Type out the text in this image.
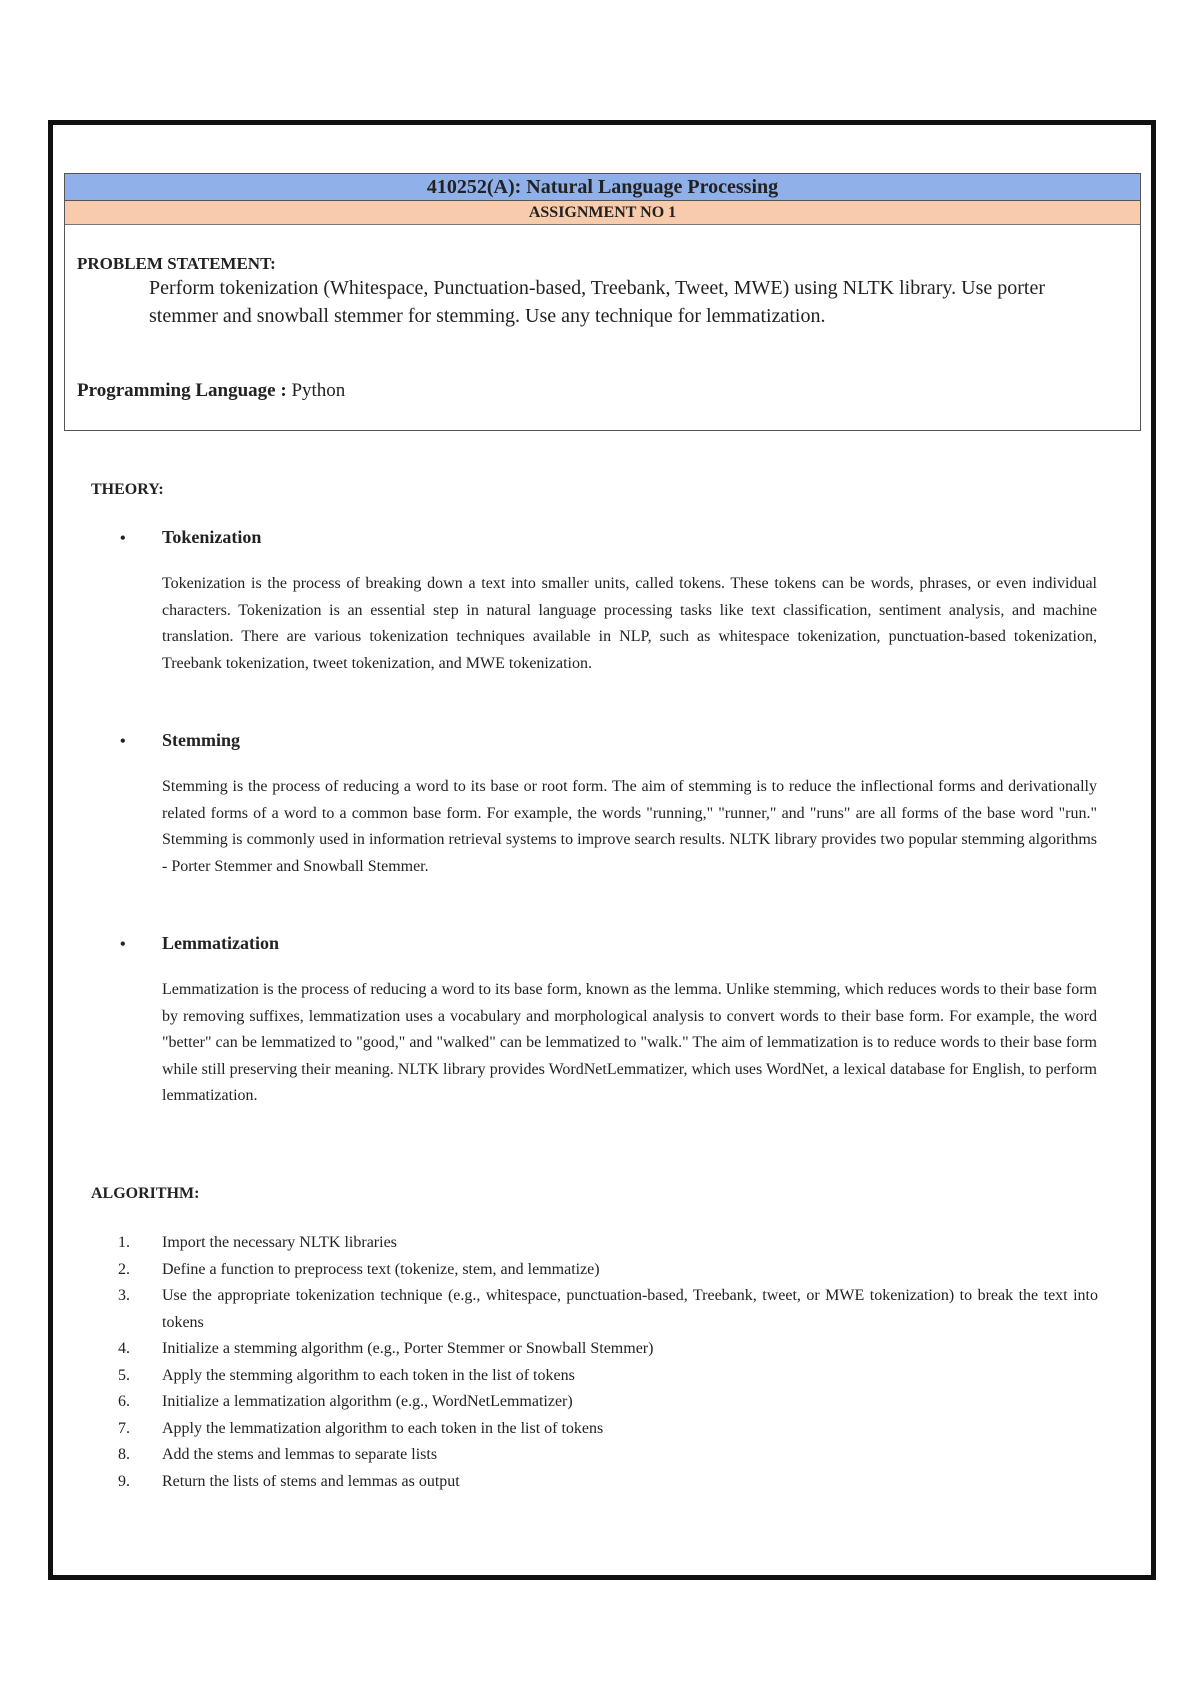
410252(A): Natural Language Processing
ASSIGNMENT NO 1
PROBLEM STATEMENT:
Perform tokenization (Whitespace, Punctuation-based, Treebank, Tweet, MWE) using NLTK library. Use porter stemmer and snowball stemmer for stemming. Use any technique for lemmatization.
Programming Language : Python
THEORY:
• Tokenization
Tokenization is the process of breaking down a text into smaller units, called tokens. These tokens can be words, phrases, or even individual characters. Tokenization is an essential step in natural language processing tasks like text classification, sentiment analysis, and machine translation. There are various tokenization techniques available in NLP, such as whitespace tokenization, punctuation-based tokenization, Treebank tokenization, tweet tokenization, and MWE tokenization.
• Stemming
Stemming is the process of reducing a word to its base or root form. The aim of stemming is to reduce the inflectional forms and derivationally related forms of a word to a common base form. For example, the words "running," "runner," and "runs" are all forms of the base word "run." Stemming is commonly used in information retrieval systems to improve search results. NLTK library provides two popular stemming algorithms - Porter Stemmer and Snowball Stemmer.
• Lemmatization
Lemmatization is the process of reducing a word to its base form, known as the lemma. Unlike stemming, which reduces words to their base form by removing suffixes, lemmatization uses a vocabulary and morphological analysis to convert words to their base form. For example, the word "better" can be lemmatized to "good," and "walked" can be lemmatized to "walk." The aim of lemmatization is to reduce words to their base form while still preserving their meaning. NLTK library provides WordNetLemmatizer, which uses WordNet, a lexical database for English, to perform lemmatization.
ALGORITHM:
1.	Import the necessary NLTK libraries
2.	Define a function to preprocess text (tokenize, stem, and lemmatize)
3.	Use the appropriate tokenization technique (e.g., whitespace, punctuation-based, Treebank, tweet, or MWE tokenization) to break the text into tokens
4.	Initialize a stemming algorithm (e.g., Porter Stemmer or Snowball Stemmer)
5.	Apply the stemming algorithm to each token in the list of tokens
6.	Initialize a lemmatization algorithm (e.g., WordNetLemmatizer)
7.	Apply the lemmatization algorithm to each token in the list of tokens
8.	Add the stems and lemmas to separate lists
9.	Return the lists of stems and lemmas as output
